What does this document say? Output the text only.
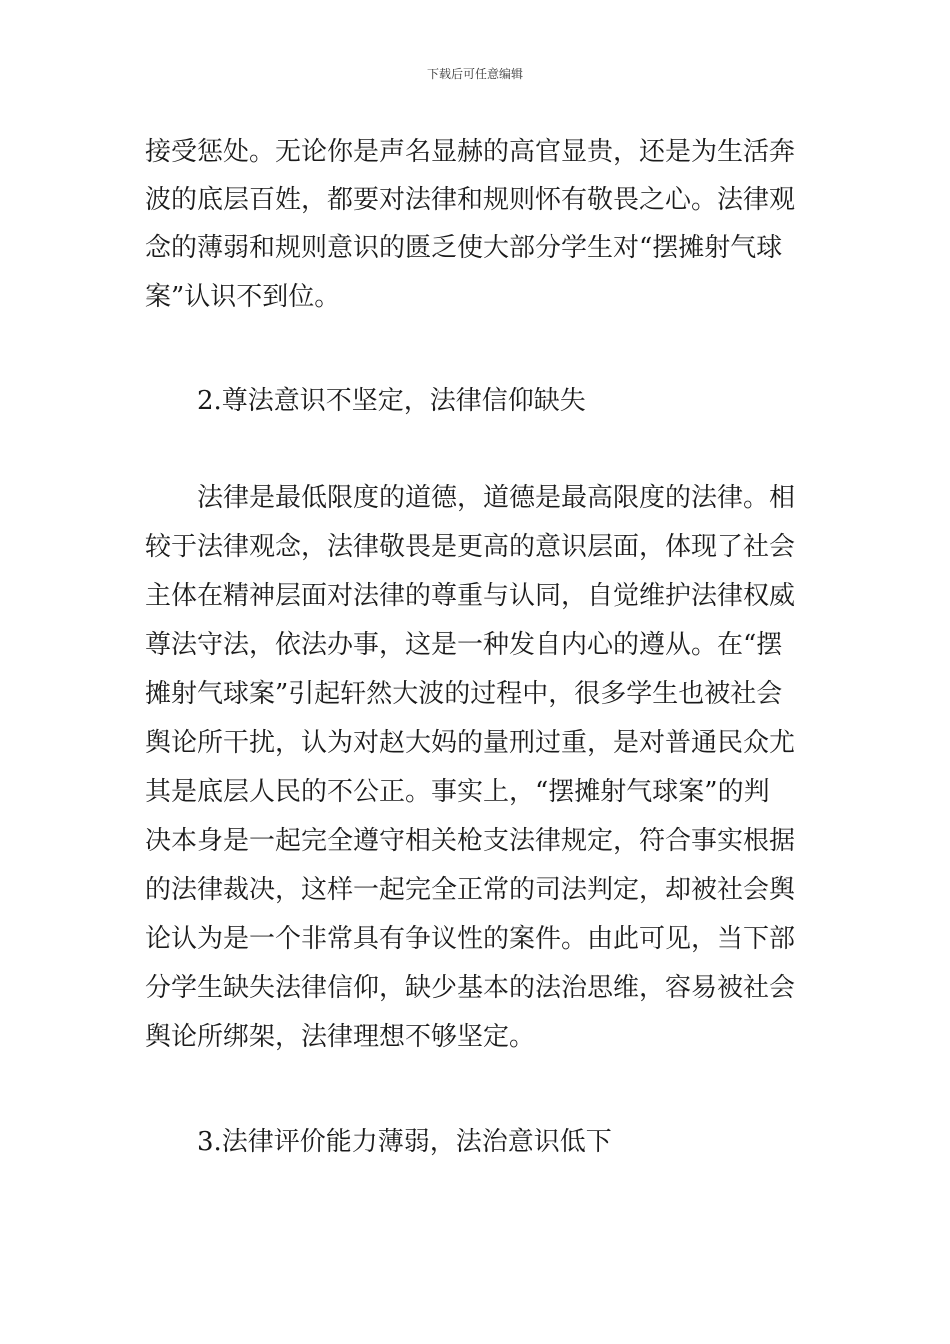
下载后可任意编辑
接受惩处。无论你是声名显赫的高官显贵，还是为生活奔
波的底层百姓，都要对法律和规则怀有敬畏之心。法律观
念的薄弱和规则意识的匮乏使大部分学生对“摆摊射气球
案”认识不到位。
2.尊法意识不坚定，法律信仰缺失
法律是最低限度的道德，道德是最高限度的法律。相
较于法律观念，法律敬畏是更高的意识层面，体现了社会
主体在精神层面对法律的尊重与认同，自觉维护法律权威
尊法守法，依法办事，这是一种发自内心的遵从。在“摆
摊射气球案”引起轩然大波的过程中，很多学生也被社会
舆论所干扰，认为对赵大妈的量刑过重，是对普通民众尤
其是底层人民的不公正。事实上，“摆摊射气球案”的判
决本身是一起完全遵守相关枪支法律规定，符合事实根据
的法律裁决，这样一起完全正常的司法判定，却被社会舆
论认为是一个非常具有争议性的案件。由此可见，当下部
分学生缺失法律信仰，缺少基本的法治思维，容易被社会
舆论所绑架，法律理想不够坚定。
3.法律评价能力薄弱，法治意识低下
